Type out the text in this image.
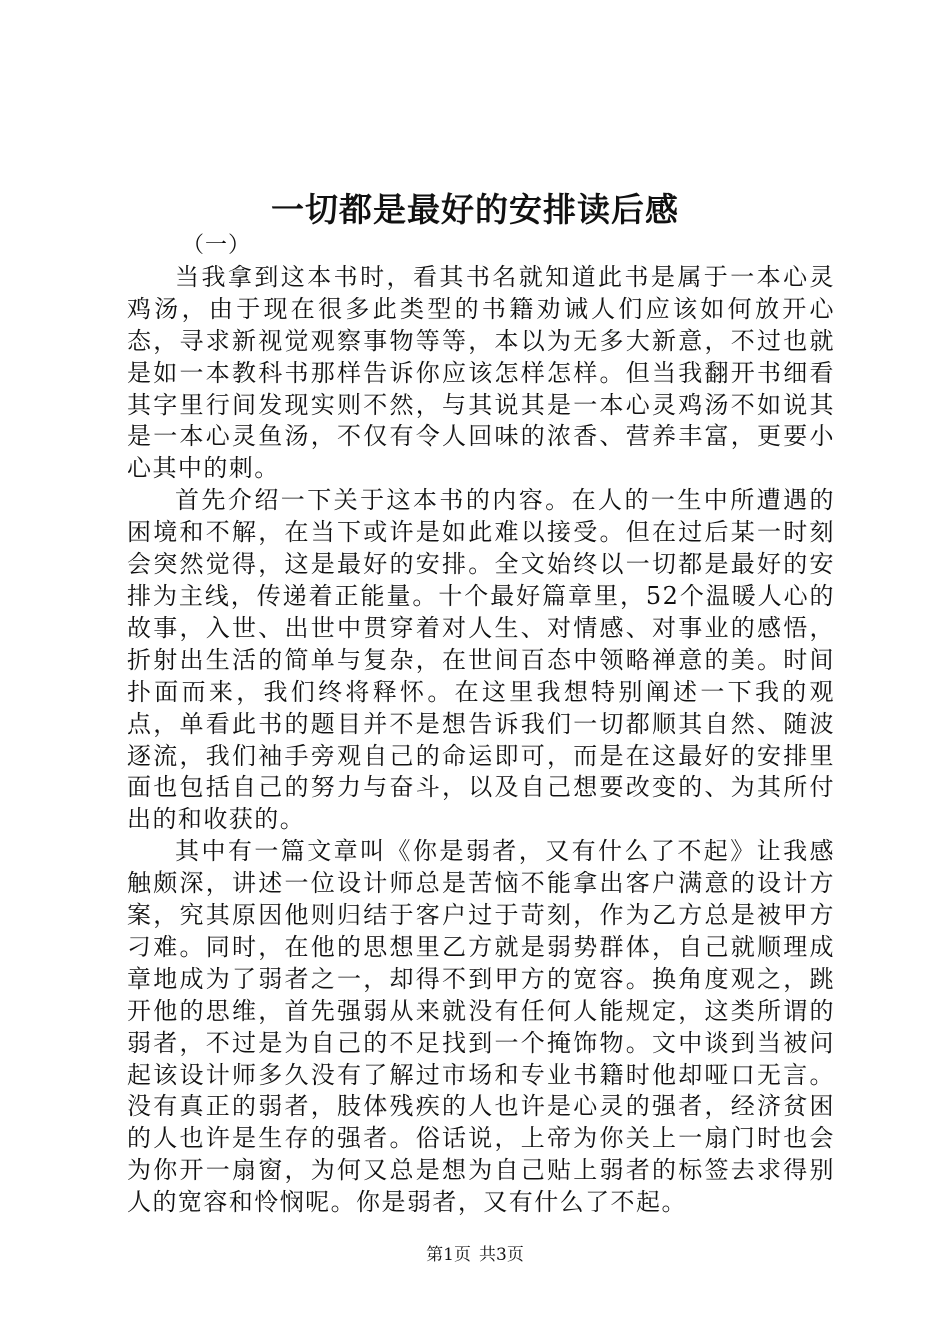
一切都是最好的安排读后感

（一）

当我拿到这本书时，看其书名就知道此书是属于一本心灵鸡汤，由于现在很多此类型的书籍劝诫人们应该如何放开心态，寻求新视觉观察事物等等，本以为无多大新意，不过也就是如一本教科书那样告诉你应该怎样怎样。但当我翻开书细看其字里行间发现实则不然，与其说其是一本心灵鸡汤不如说其是一本心灵鱼汤，不仅有令人回味的浓香、营养丰富，更要小心其中的刺。

首先介绍一下关于这本书的内容。在人的一生中所遭遇的困境和不解，在当下或许是如此难以接受。但在过后某一时刻会突然觉得，这是最好的安排。全文始终以一切都是最好的安排为主线，传递着正能量。十个最好篇章里，52个温暖人心的故事，入世、出世中贯穿着对人生、对情感、对事业的感悟，折射出生活的简单与复杂，在世间百态中领略禅意的美。时间扑面而来，我们终将释怀。在这里我想特别阐述一下我的观点，单看此书的题目并不是想告诉我们一切都顺其自然、随波逐流，我们袖手旁观自己的命运即可，而是在这最好的安排里面也包括自己的努力与奋斗，以及自己想要改变的、为其所付出的和收获的。

其中有一篇文章叫《你是弱者，又有什么了不起》让我感触颇深，讲述一位设计师总是苦恼不能拿出客户满意的设计方案，究其原因他则归结于客户过于苛刻，作为乙方总是被甲方刁难。同时，在他的思想里乙方就是弱势群体，自己就顺理成章地成为了弱者之一，却得不到甲方的宽容。换角度观之，跳开他的思维，首先强弱从来就没有任何人能规定，这类所谓的弱者，不过是为自己的不足找到一个掩饰物。文中谈到当被问起该设计师多久没有了解过市场和专业书籍时他却哑口无言。没有真正的弱者，肢体残疾的人也许是心灵的强者，经济贫困的人也许是生存的强者。俗话说，上帝为你关上一扇门时也会为你开一扇窗，为何又总是想为自己贴上弱者的标签去求得别人的宽容和怜悯呢。你是弱者，又有什么了不起。

第1页 共3页
